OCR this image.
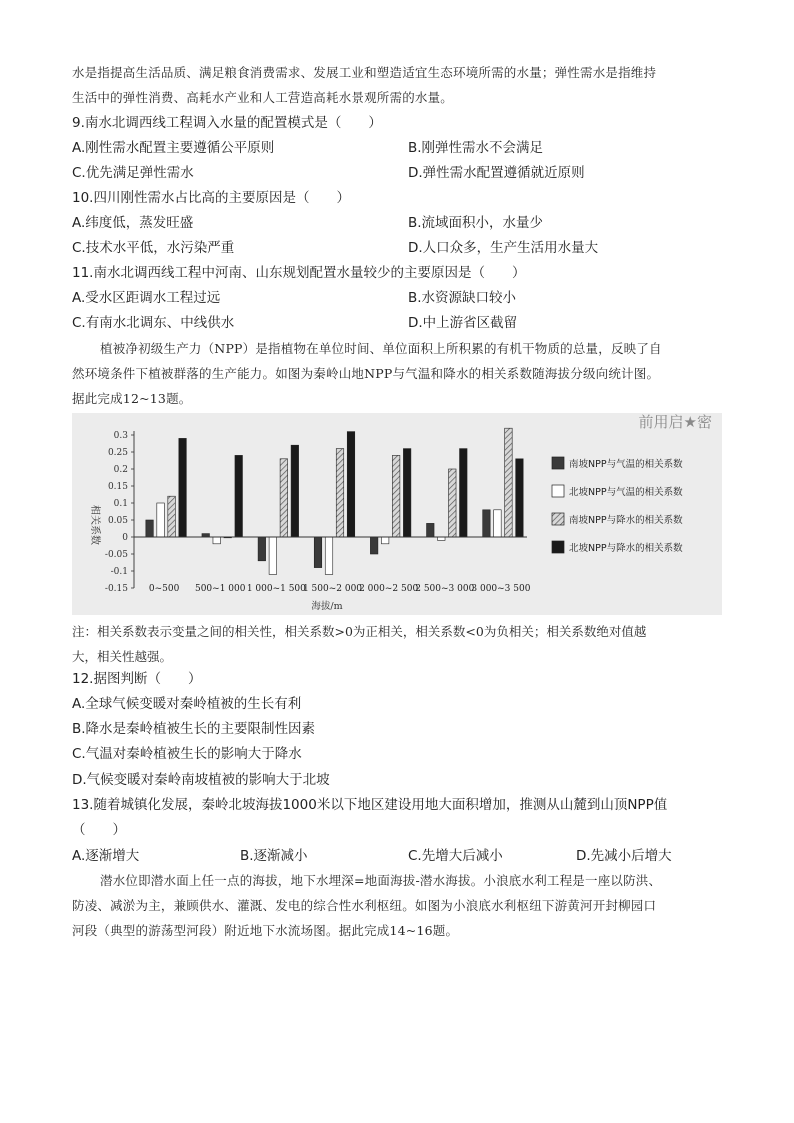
水是指提高生活品质、满足粮食消费需求、发展工业和塑造适宜生态环境所需的水量；弹性需水是指维持
生活中的弹性消费、高耗水产业和人工营造高耗水景观所需的水量。
9.南水北调西线工程调入水量的配置模式是（　　）
A.刚性需水配置主要遵循公平原则	B.刚弹性需水不会满足
C.优先满足弹性需水	D.弹性需水配置遵循就近原则
10.四川刚性需水占比高的主要原因是（　　）
A.纬度低，蒸发旺盛	B.流域面积小，水量少
C.技术水平低，水污染严重	D.人口众多，生产生活用水量大
11.南水北调西线工程中河南、山东规划配置水量较少的主要原因是（　　）
A.受水区距调水工程过远	B.水资源缺口较小
C.有南水北调东、中线供水	D.中上游省区截留
植被净初级生产力（NPP）是指植物在单位时间、单位面积上所积累的有机干物质的总量，反映了自
然环境条件下植被群落的生产能力。如图为秦岭山地NPP与气温和降水的相关系数随海拔分级向统计图。
据此完成12~13题。
前用启★密
相关系数
海拔/m
0.3
0.25
0.2
0.15
0.1
0.05
0
-0.05
-0.1
-0.15 0~500 500~1 000 1 000~1 500
1 500~2 000
2 000~2 500
2 500~3 000
3 000~3 500
南坡NPP与气温的相关系数
北坡NPP与气温的相关系数
南坡NPP与降水的相关系数
北坡NPP与降水的相关系数
注：相关系数表示变量之间的相关性，相关系数>0为正相关，相关系数<0为负相关；相关系数绝对值越
大，相关性越强。
12.据图判断（　　）
A.全球气候变暖对秦岭植被的生长有利
B.降水是秦岭植被生长的主要限制性因素
C.气温对秦岭植被生长的影响大于降水
D.气候变暖对秦岭南坡植被的影响大于北坡
13.随着城镇化发展，秦岭北坡海拔1000米以下地区建设用地大面积增加，推测从山麓到山顶NPP值
（　　）
A.逐渐增大	B.逐渐减小	C.先增大后减小	D.先减小后增大
潜水位即潜水面上任一点的海拔，地下水埋深=地面海拔-潜水海拔。小浪底水利工程是一座以防洪、
防凌、减淤为主，兼顾供水、灌溉、发电的综合性水利枢纽。如图为小浪底水利枢纽下游黄河开封柳园口
河段（典型的游荡型河段）附近地下水流场图。据此完成14~16题。
